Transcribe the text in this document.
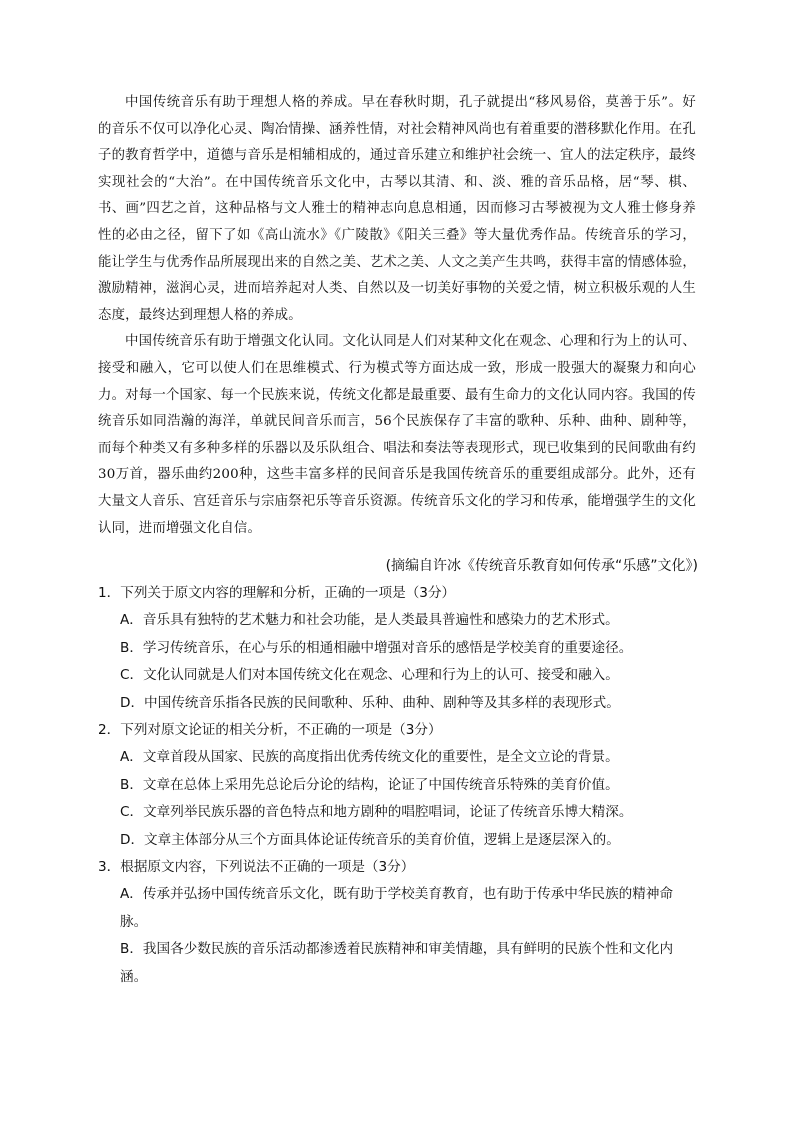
中国传统音乐有助于理想人格的养成。早在春秋时期，孔子就提出“移风易俗，莫善于乐”。好的音乐不仅可以净化心灵、陶冶情操、涵养性情，对社会精神风尚也有着重要的潜移默化作用。在孔子的教育哲学中，道德与音乐是相辅相成的，通过音乐建立和维护社会统一、宜人的法定秩序，最终实现社会的“大治”。在中国传统音乐文化中，古琴以其清、和、淡、雅的音乐品格，居“琴、棋、书、画”四艺之首，这种品格与文人雅士的精神志向息息相通，因而修习古琴被视为文人雅士修身养性的必由之径，留下了如《高山流水》《广陵散》《阳关三叠》等大量优秀作品。传统音乐的学习，能让学生与优秀作品所展现出来的自然之美、艺术之美、人文之美产生共鸣，获得丰富的情感体验，激励精神，滋润心灵，进而培养起对人类、自然以及一切美好事物的关爱之情，树立积极乐观的人生态度，最终达到理想人格的养成。

中国传统音乐有助于增强文化认同。文化认同是人们对某种文化在观念、心理和行为上的认可、接受和融入，它可以使人们在思维模式、行为模式等方面达成一致，形成一股强大的凝聚力和向心力。对每一个国家、每一个民族来说，传统文化都是最重要、最有生命力的文化认同内容。我国的传统音乐如同浩瀚的海洋，单就民间音乐而言，56个民族保存了丰富的歌种、乐种、曲种、剧种等，而每个种类又有多种多样的乐器以及乐队组合、唱法和奏法等表现形式，现已收集到的民间歌曲有约30万首，器乐曲约200种，这些丰富多样的民间音乐是我国传统音乐的重要组成部分。此外，还有大量文人音乐、宫廷音乐与宗庙祭祀乐等音乐资源。传统音乐文化的学习和传承，能增强学生的文化认同，进而增强文化自信。

(摘编自许冰《传统音乐教育如何传承“乐感”文化》)

1．下列关于原文内容的理解和分析，正确的一项是（3分）

A．音乐具有独特的艺术魅力和社会功能，是人类最具普遍性和感染力的艺术形式。

B．学习传统音乐，在心与乐的相通相融中增强对音乐的感悟是学校美育的重要途径。

C．文化认同就是人们对本国传统文化在观念、心理和行为上的认可、接受和融入。

D．中国传统音乐指各民族的民间歌种、乐种、曲种、剧种等及其多样的表现形式。

2．下列对原文论证的相关分析，不正确的一项是（3分）

A．文章首段从国家、民族的高度指出优秀传统文化的重要性，是全文立论的背景。

B．文章在总体上采用先总论后分论的结构，论证了中国传统音乐特殊的美育价值。

C．文章列举民族乐器的音色特点和地方剧种的唱腔唱词，论证了传统音乐博大精深。

D．文章主体部分从三个方面具体论证传统音乐的美育价值，逻辑上是逐层深入的。

3．根据原文内容，下列说法不正确的一项是（3分）

A．传承并弘扬中国传统音乐文化，既有助于学校美育教育，也有助于传承中华民族的精神命脉。

B．我国各少数民族的音乐活动都渗透着民族精神和审美情趣，具有鲜明的民族个性和文化内涵。
